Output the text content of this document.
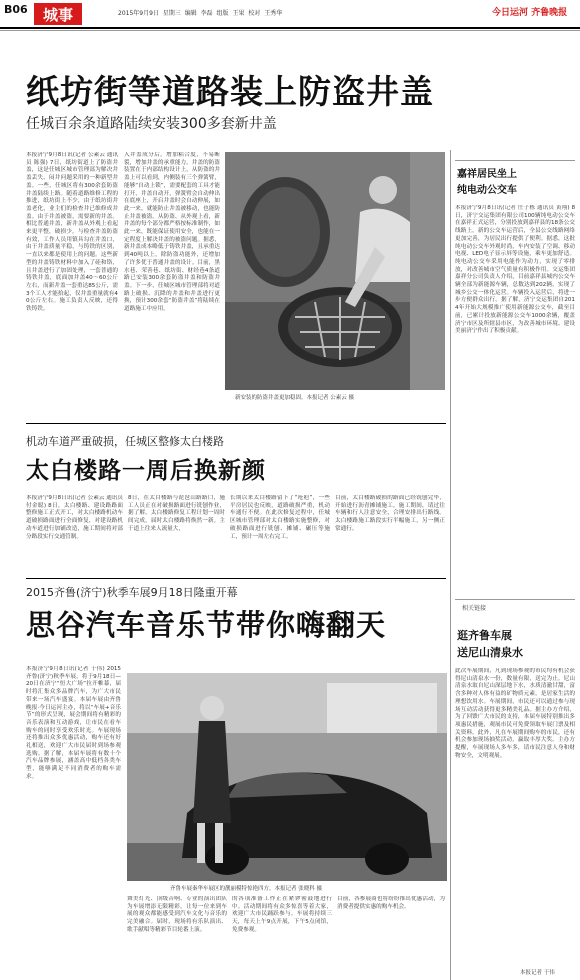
B06	城事	2015年9月9日 星期三 编辑 李磊 组版 王果 校对 王秀华	今日运河 齐鲁晚报
纸坊街等道路装上防盗井盖
任城百余条道路陆续安装300多套新井盖
本报济宁9月8日讯(记者 公素云 通讯员 陈强) 7日，纸坊街道上了防盗井盖，这是任城区城市管理部为解决井盖丢失、闷井问题采用的一种新型井盖。一些，任城区将有300余套防盗井盖陆续上路。随着道路维修工程的推进，纸坊街上不少，由于纸坊街井盖老化，业主们的检查井已维修成井盖。由于井盖被盗，需要新的井盖。相比普通井盖，新井盖从外观上看起来更平整，破损少。与检查井盖防盗有效，工作人员用镇具勾在井盖口，由于井盖质量平稳，与铸铁的区别，一直以来都是使用上的问题。这些新型的井盖铸铁材料中加入了硅和铬，且井盖进行了加固处理，一套普通的铸铁井盖，底面加井盖40～60公斤左右，而新井盖一套重达85公斤，需3个工人才能拾起，仅井盖重量就有40公斤左右。施工负责人反映，还得铁铸铁。
入井盖成分后，增加粘合度，不易断裂，增加井盖的承重能力。井盖的防盗装置在于内部结构设计上，从防盗的井盖上可以看到，内侧装有三个弹簧臂，能够“自动上锁”，需要配套的工具才能打开，井盖自动开，弹簧臂会自动伸出在底座上，开启井盖时会自动伸展，如此一来，就能防止井盖被移动，也能防止井盖被盗。从防盗、从外观上看，新井盖的每个部分都严格按标准制作，如此一来，既能保证使用安全，也能在一定程度上解决井盖的被盗问题。据悉，新井盖成本略低于铸铁井盖，且承重达到40吨以上，除防盗功能外，还增加了许多优于普通井盖的设计。目前，黑水巷、荣善巷、纸坊街、财经巷4条道路已安装300余套防盗井盖和防盗井盖。下一步，任城区城市管理部将对道路上破损、沉降的井盖和井盖进行更换，预计300余套“防盗井盖”将陆续在道路施工中应用。
新安装的防盗井盖更加稳固。本报记者 公素云 摄
嘉祥居民坐上
纯电动公交车
本报济宁9月8日讯(记者 庄子栋 通讯员 黄翔) 8日，济宁交运集团有限公司100辆纯电动公交车在嘉祥正式运营，分别投放到嘉祥县的18条公交线路上，新的公交车运营后，全县公交线路网络更加完善，为居民出行提供了便利。据悉，这批纯电动公交车外观时尚，车内安装了空调、移动电视、LED电子显示屏等设施，乘车更加舒适。纯电动公交车采用电能作为动力，实现了零排放，对改善城市空气质量有积极作用。交运集团嘉祥分公司负责人介绍，目前嘉祥县城内公交车辆全部为新能源车辆，总数达到202辆，实现了城乡公交一体化运营。车辆投入运营后，将进一步方便群众出行。据了解，济宁交运集团自2014年开始大规模推广使用新能源公交车，截至目前，已累计投放新能源公交车1000余辆，覆盖济宁市区及所辖县市区，为改善城市环境、建设美丽济宁作出了积极贡献。
机动车道严重破损，任城区整修太白楼路
太白楼路一周后换新颜
本报济宁9月8日讯(记者 公素云 通讯员 付金聪) 8日，太白楼路、建设路路面整修施工正式开工，对太白楼路机动车道破损路面进行全面修复，对建设路机动车道进行加铺改造，施工期间将对部分路段实行交通管制。
8日，在太白楼路与琵琶山路路口，施工人员正在对破损路面进行铣刨作业，据了解，太白楼路修复工程计划一周时间完成，届时太白楼路将焕然一新。主干道上往来人流量大，
长期以来太白楼路留下了“疮疤”，一些平房居民也反映，道路破损严重，机动车通行不便。在此次修复过程中，任城区城市管理部对太白楼路实施整修，对破损路面进行铣刨、摊铺、碾压等施工，预计一周左右完工。
目前，太白楼路破损的路面已经铣刨完毕，开始进行沥青摊铺施工。施工期间，请过往车辆和行人注意安全，合理安排出行路线。太白楼路施工路段实行半幅施工，另一侧正常通行。
相关链接
逛齐鲁车展
送尼山清泉水
此次车展期间，凡到现场参观的市民均有机会获得尼山清泉水一份，数量有限，送完为止。尼山清泉水取自尼山深层地下水，水质清澈甘甜，富含多种对人体有益的矿物质元素，是居家生活的理想饮用水。车展期间，市民还可以通过参与现场互动活动获得更多精美礼品。据主办方介绍，为了回馈广大市民的支持，本届车展特别推出多项惠民措施，观展市民可免费领取车展门票及相关资料。此外，凡在车展期间购车的市民，还有机会参加现场抽奖活动，赢取丰厚大奖。主办方提醒，车展现场人多车多，请市民注意人身和财物安全，文明观展。
本报记者 于伟
2015齐鲁(济宁)秋季车展9月18日隆重开幕
思谷汽车音乐节带你嗨翻天
本报济宁9月8日讯(记者 于伟) 2015齐鲁(济宁)秋季车展，将于9月18日—20日在济宁“恒大广场”拉开帷幕，届时将汇集众多品牌汽车，为广大市民带来一场汽车盛宴。本届车展由齐鲁晚报·今日运河主办，将以“车展+音乐节”的形式呈现，展会期间将有精彩的音乐表演和互动游戏，让市民在看车购车的同时享受欢乐时光。车展现场还将推出众多优惠活动，购车还有好礼相送，欢迎广大市民届时到场参观选购。据了解，本届车展将有数十个汽车品牌参展，涵盖高中低档各类车型，能够满足不同消费者的购车需求。
齐鲁车展秦华车展区的靓丽模特惊艳四方。本报记者 张晓科 摄
舞美灯光、顶级音响、专业的演出团队为车展增添无限精彩，让每一位来到车展的观众都能感受到汽车文化与音乐的完美融合。届时，现场将有乐队演出、歌手献唱等精彩节目轮番上演。
的各项准备工作正在紧锣密鼓地进行中。活动期间将有众多惊喜等着大家，欢迎广大市民踊跃参与。车展将持续三天，每天上午9点开展，下午5点闭馆，免费参观。
目前，各参展商也将纷纷推出优惠活动，为消费者提供实惠的购车机会。
